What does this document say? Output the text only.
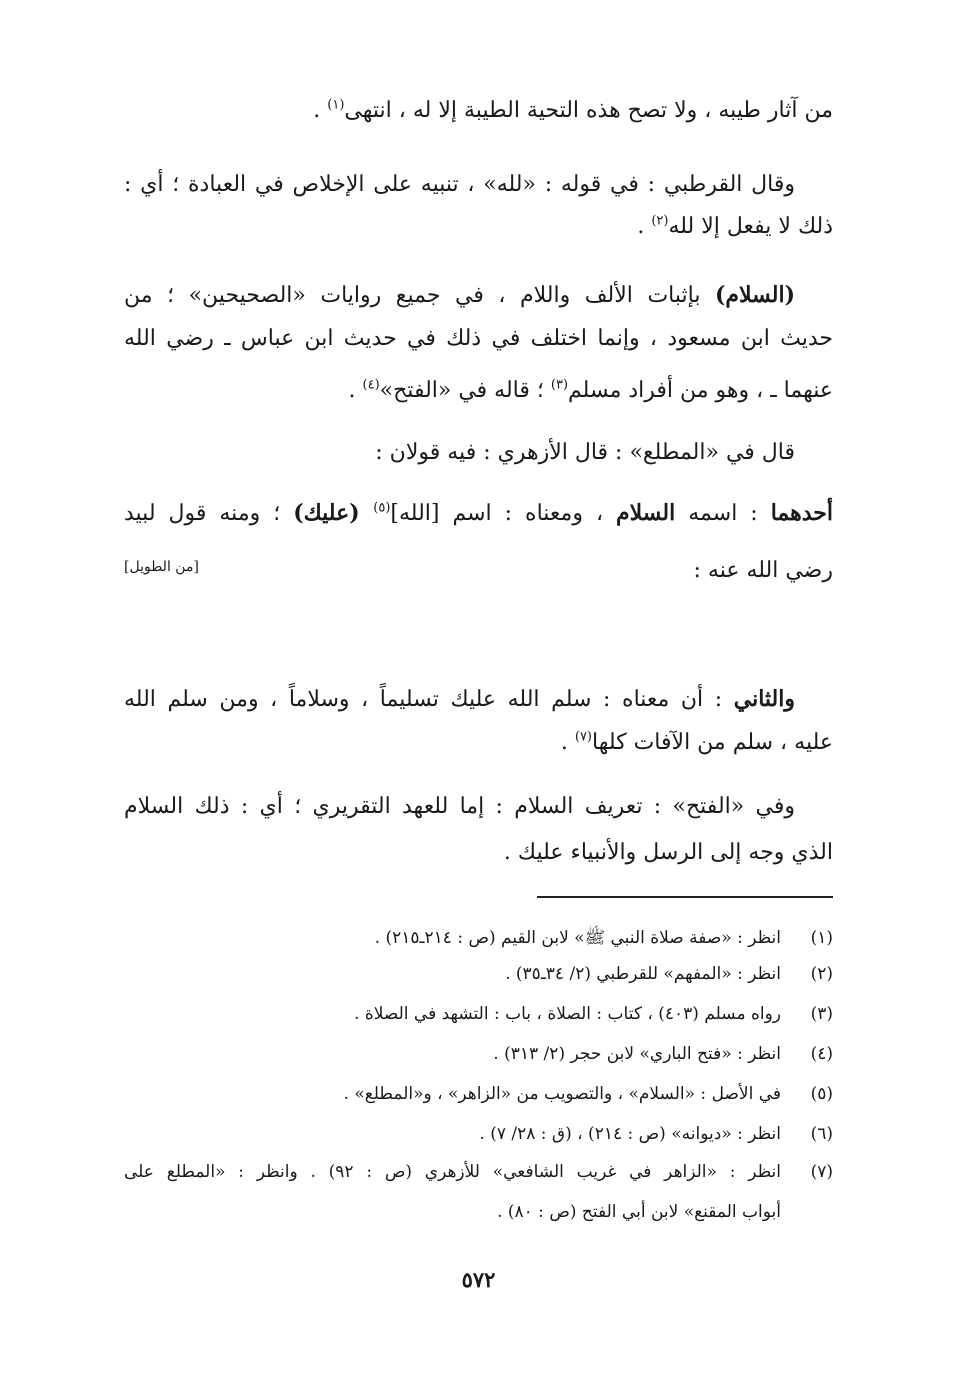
من آثار طيبه ، ولا تصح هذه التحية الطيبة إلا له ، انتهى$^{(١)}$ .
وقال القرطبي : في قوله : «لله» ، تنبيه على الإخلاص في العبادة ؛ أي :
ذلك لا يفعل إلا لله$^{(٢)}$ .
(السلام) بإثبات الألف واللام ، في جميع روايات «الصحيحين» ؛ من
حديث ابن مسعود ، وإنما اختلف في ذلك في حديث ابن عباس ـ رضي الله
عنهما ـ ، وهو من أفراد مسلم$^{(٣)}$ ؛ قاله في «الفتح»$^{(٤)}$ .
قال في «المطلع» : قال الأزهري : فيه قولان :
أحدهما : اسمه السلام ، ومعناه : اسم [الله]$^{(٥)}$ (عليك) ؛ ومنه قول لبيد
رضي الله عنه :
[من الطويل]
والثاني : أن معناه : سلم الله عليك تسليماً ، وسلاماً ، ومن سلم الله
عليه ، سلم من الآفات كلها$^{(٧)}$ .
وفي «الفتح» : تعريف السلام : إما للعهد التقريري ؛ أي : ذلك السلام
الذي وجه إلى الرسل والأنبياء عليك .
(١)
انظر : «صفة صلاة النبي ﷺ» لابن القيم (ص : ٢١٤ـ٢١٥) .
(٢)
انظر : «المفهم» للقرطبي (٢/ ٣٤ـ٣٥) .
(٣)
رواه مسلم (٤٠٣) ، كتاب : الصلاة ، باب : التشهد في الصلاة .
(٤)
انظر : «فتح الباري» لابن حجر (٢/ ٣١٣) .
(٥)
في الأصل : «السلام» ، والتصويب من «الزاهر» ، و«المطلع» .
(٦)
انظر : «ديوانه» (ص : ٢١٤) ، (ق : ٢٨/ ٧) .
(٧)
انظر : «الزاهر في غريب الشافعي» للأزهري (ص : ٩٢) . وانظر : «المطلع على
أبواب المقنع» لابن أبي الفتح (ص : ٨٠) .
٥٧٢
